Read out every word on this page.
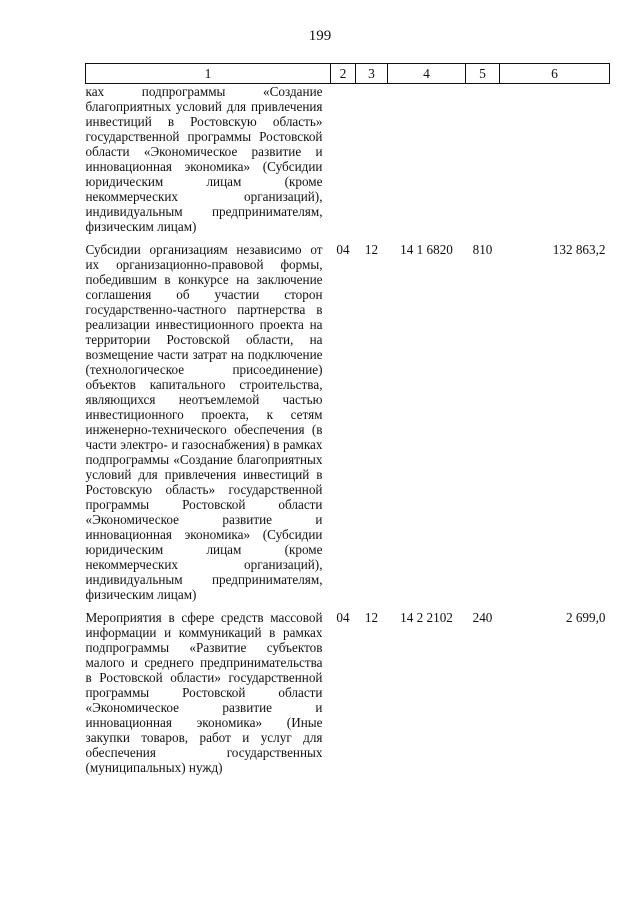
199
1	2	3	4	5	6
ках подпрограммы «Создание благоприятных условий для привлечения инвестиций в Ростовскую область» государственной программы Ростовской области «Экономическое развитие и инновационная экономика» (Субсидии юридическим лицам (кроме некоммерческих организаций), индивидуальным предпринимателям, физическим лицам)					
Субсидии организациям независимо от их организационно-правовой формы, победившим в конкурсе на заключение соглашения об участии сторон государственно-частного партнерства в реализации инвестиционного проекта на территории Ростовской области, на возмещение части затрат на подключение (технологическое присоединение) объектов капитального строительства, являющихся неотъемлемой частью инвестиционного проекта, к сетям инженерно-технического обеспечения (в части электро- и газоснабжения) в рамках подпрограммы «Создание благоприятных условий для привлечения инвестиций в Ростовскую область» государственной программы Ростовской области «Экономическое развитие и инновационная экономика» (Субсидии юридическим лицам (кроме некоммерческих организаций), индивидуальным предпринимателям, физическим лицам)	04	12	14 1 6820	810	132 863,2
Мероприятия в сфере средств массовой информации и коммуникаций в рамках подпрограммы «Развитие субъектов малого и среднего предпринимательства в Ростовской области» государственной программы Ростовской области «Экономическое развитие и инновационная экономика» (Иные закупки товаров, работ и услуг для обеспечения государственных (муниципальных) нужд)	04	12	14 2 2102	240	2 699,0
